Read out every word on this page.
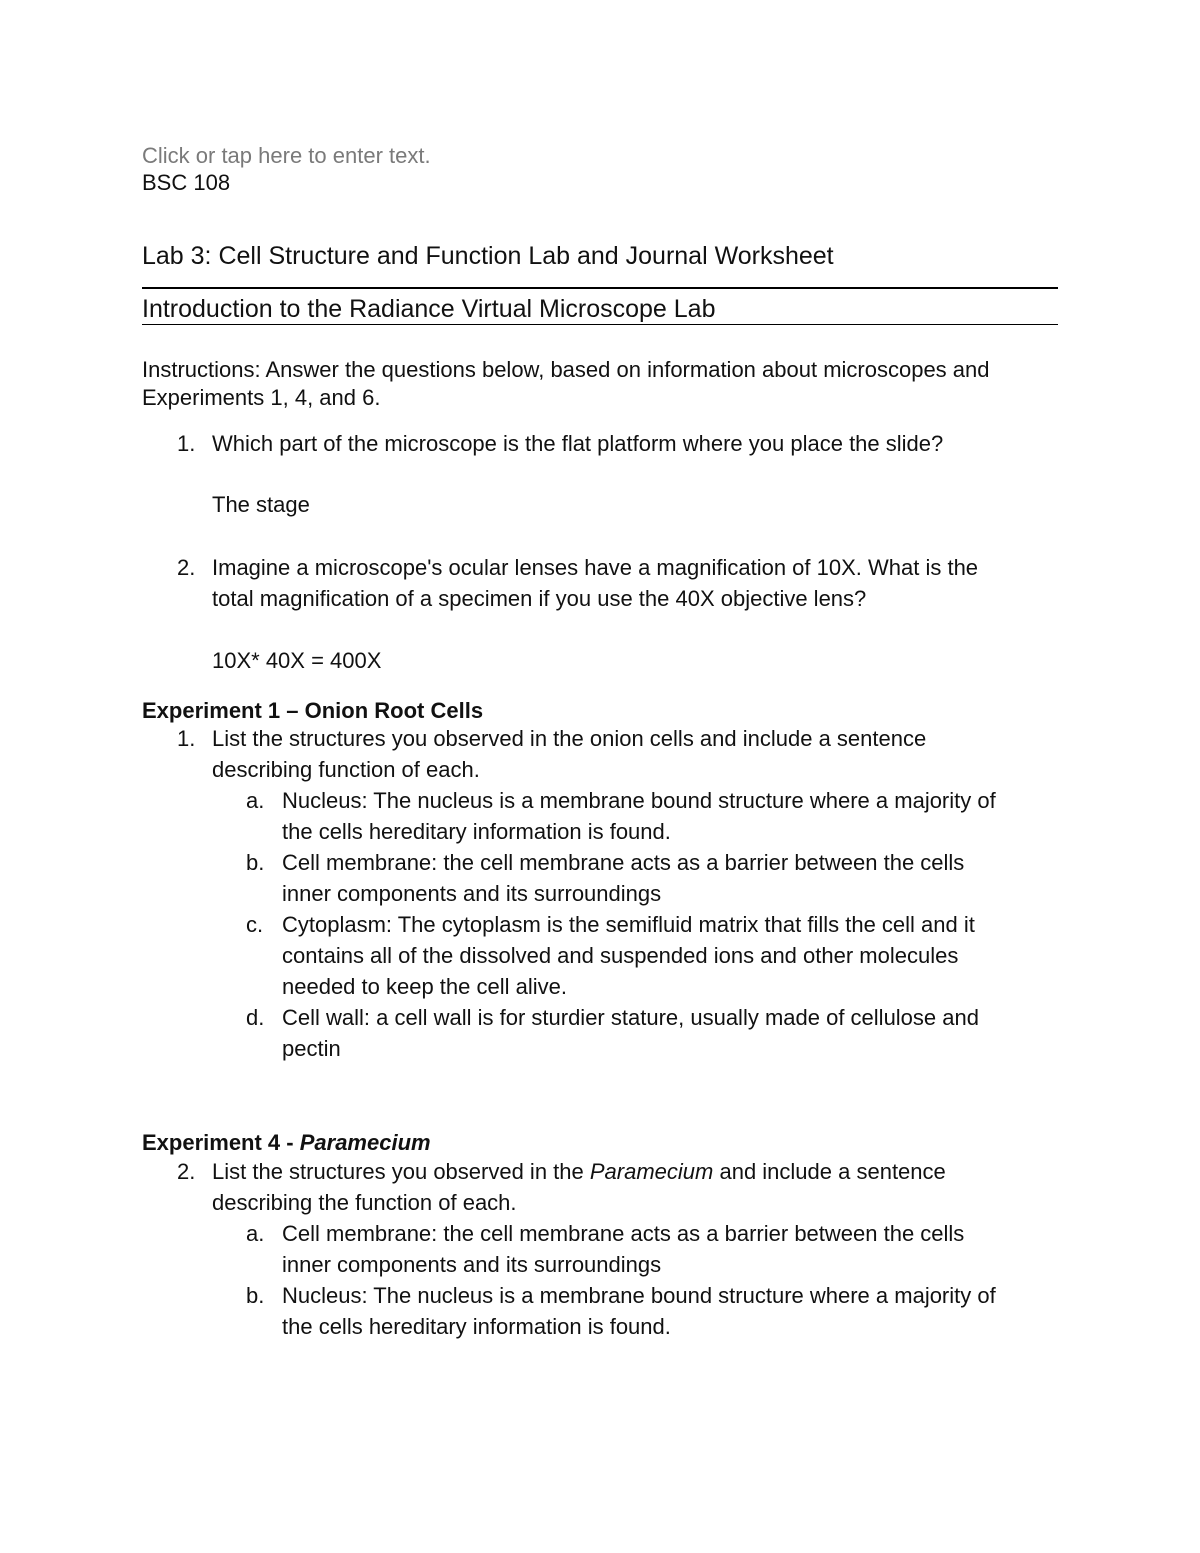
Click or tap here to enter text.
BSC 108
Lab 3: Cell Structure and Function Lab and Journal Worksheet
Introduction to the Radiance Virtual Microscope Lab
Instructions: Answer the questions below, based on information about microscopes and
Experiments 1, 4, and 6.
1. Which part of the microscope is the flat platform where you place the slide?
The stage
2. Imagine a microscope's ocular lenses have a magnification of 10X. What is the
total magnification of a specimen if you use the 40X objective lens?
10X* 40X = 400X
Experiment 1 – Onion Root Cells
1. List the structures you observed in the onion cells and include a sentence
describing function of each.
a. Nucleus: The nucleus is a membrane bound structure where a majority of
the cells hereditary information is found.
b. Cell membrane: the cell membrane acts as a barrier between the cells
inner components and its surroundings
c. Cytoplasm: The cytoplasm is the semifluid matrix that fills the cell and it
contains all of the dissolved and suspended ions and other molecules
needed to keep the cell alive.
d. Cell wall: a cell wall is for sturdier stature, usually made of cellulose and
pectin
Experiment 4 - Paramecium
2. List the structures you observed in the Paramecium and include a sentence
describing the function of each.
a. Cell membrane: the cell membrane acts as a barrier between the cells
inner components and its surroundings
b. Nucleus: The nucleus is a membrane bound structure where a majority of
the cells hereditary information is found.
